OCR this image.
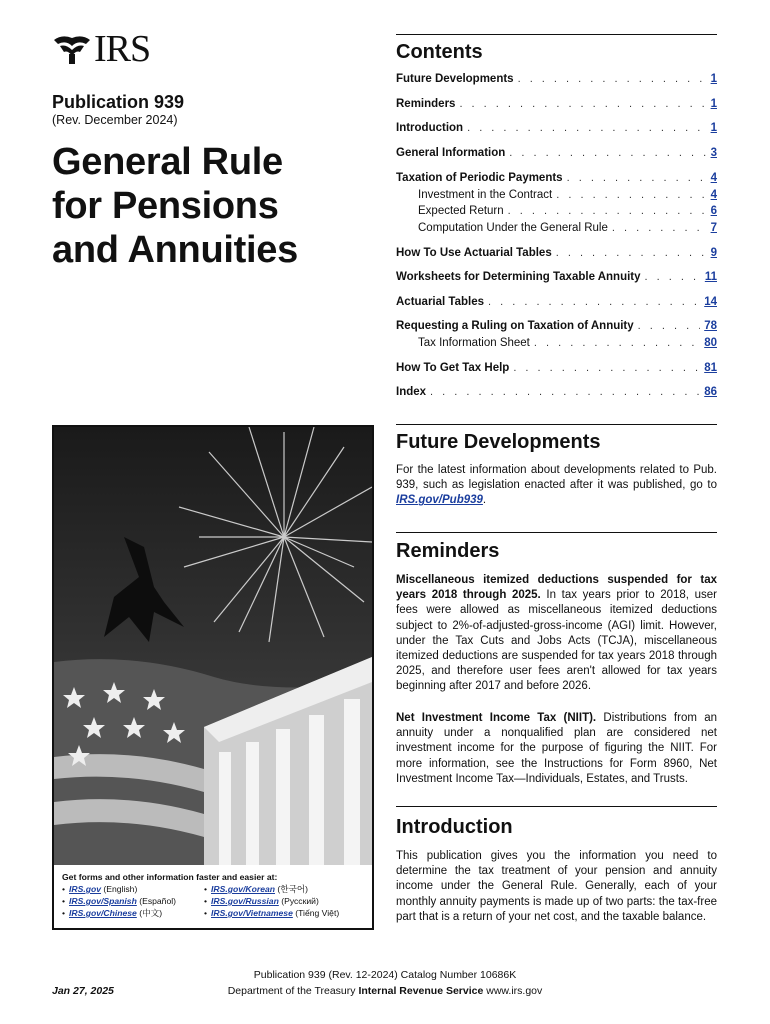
IRS
Publication 939
(Rev. December 2024)
General Rule
for Pensions
and Annuities
Get forms and other information faster and easier at:
• IRS.gov (English)
• IRS.gov/Spanish (Español)
• IRS.gov/Chinese (中文)
• IRS.gov/Korean (한국어)
• IRS.gov/Russian (Русский)
• IRS.gov/Vietnamese (Tiếng Việt)
Jan 27, 2025
Publication 939 (Rev. 12-2024) Catalog Number 10686K
Department of the Treasury Internal Revenue Service www.irs.gov
Contents
Future Developments . . .	1
Reminders . . .	1
Introduction . . .	1
General Information . . .	3
Taxation of Periodic Payments . . .	4
Investment in the Contract . . .	4
Expected Return . . .	6
Computation Under the General Rule . . .	7
How To Use Actuarial Tables . . .	9
Worksheets for Determining Taxable Annuity . . .	11
Actuarial Tables . . .	14
Requesting a Ruling on Taxation of Annuity . . .	78
Tax Information Sheet . . .	80
How To Get Tax Help . . .	81
Index . . .	86
Future Developments
For the latest information about developments related to Pub. 939, such as legislation enacted after it was published, go to IRS.gov/Pub939.
Reminders
Miscellaneous itemized deductions suspended for tax years 2018 through 2025. In tax years prior to 2018, user fees were allowed as miscellaneous itemized deductions subject to 2%-of-adjusted-gross-income (AGI) limit. However, under the Tax Cuts and Jobs Acts (TCJA), miscellaneous itemized deductions are suspended for tax years 2018 through 2025, and therefore user fees aren't allowed for tax years beginning after 2017 and before 2026.
Net Investment Income Tax (NIIT). Distributions from an annuity under a nonqualified plan are considered net investment income for the purpose of figuring the NIIT. For more information, see the Instructions for Form 8960, Net Investment Income Tax—Individuals, Estates, and Trusts.
Introduction
This publication gives you the information you need to determine the tax treatment of your pension and annuity income under the General Rule. Generally, each of your monthly annuity payments is made up of two parts: the tax-free part that is a return of your net cost, and the taxable balance.
